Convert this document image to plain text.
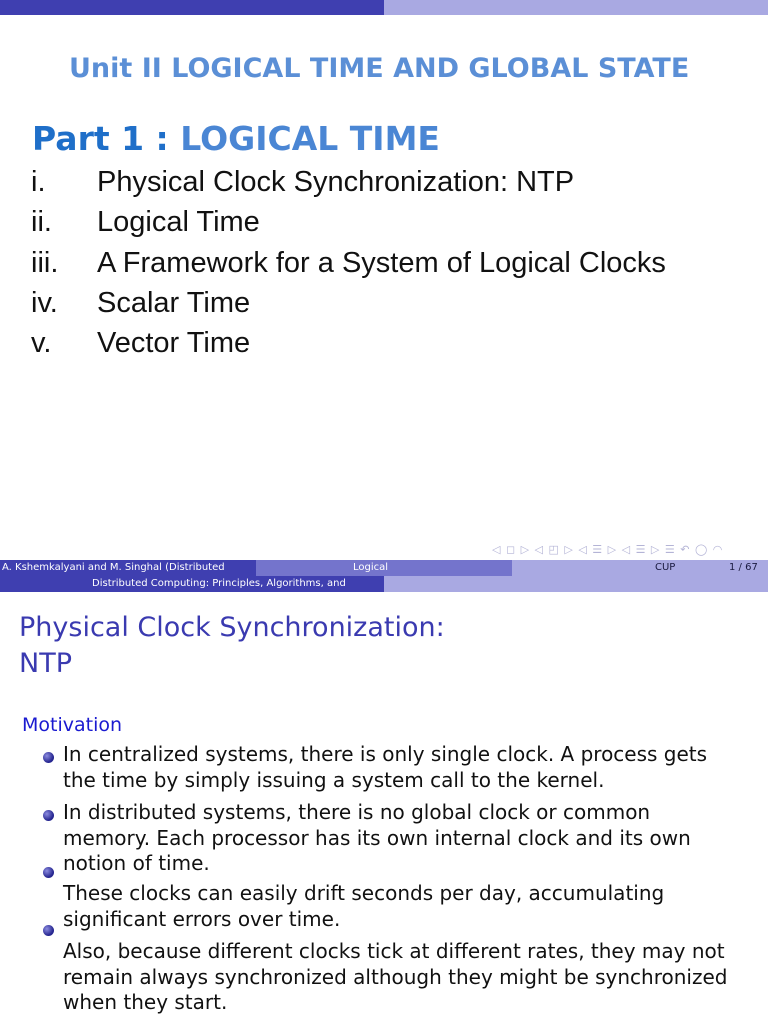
Unit II LOGICAL TIME AND GLOBAL STATE
Part 1 : LOGICAL TIME
i. Physical Clock Synchronization: NTP
ii. Logical Time
iii. A Framework for a System of Logical Clocks
iv. Scalar Time
v. Vector Time
◁ ◻ ▷ ◁ ◰ ▷ ◁ ☰ ▷ ◁ ☰ ▷ ☰ ↶ ◯ ◠
A. Kshemkalyani and M. Singhal (Distributed	Logical	CUP	1 / 67
Distributed Computing: Principles, Algorithms, and
Physical Clock Synchronization: NTP
Motivation
In centralized systems, there is only single clock. A process gets the time by simply issuing a system call to the kernel.
In distributed systems, there is no global clock or common memory. Each processor has its own internal clock and its own notion of time.
These clocks can easily drift seconds per day, accumulating significant errors over time.
Also, because different clocks tick at different rates, they may not remain always synchronized although they might be synchronized when they start.
